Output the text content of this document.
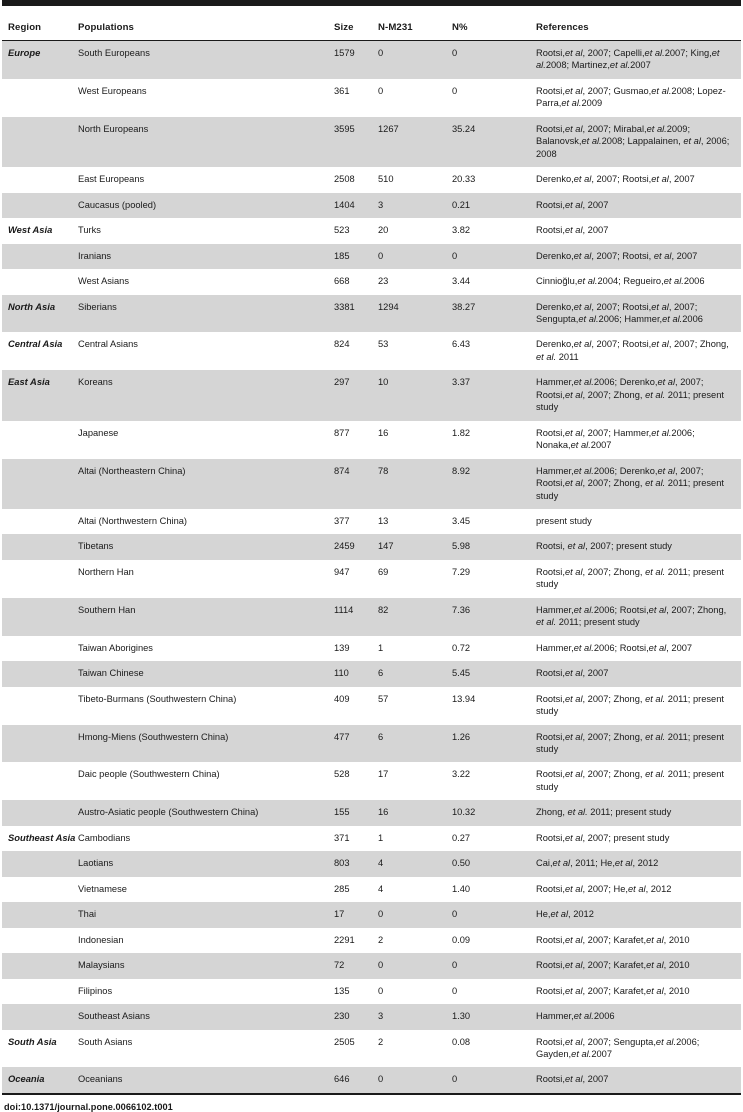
Region	Populations	Size	N-M231	N%	References
Europe	South Europeans	1579	0	0	Rootsi,et al, 2007; Capelli,et al.2007; King,et al.2008; Martinez,et al.2007
	West Europeans	361	0	0	Rootsi,et al, 2007; Gusmao,et al.2008; Lopez-Parra,et al.2009
	North Europeans	3595	1267	35.24	Rootsi,et al, 2007; Mirabal,et al.2009; Balanovsk,et al.2008; Lappalainen, et al, 2006; 2008
	East Europeans	2508	510	20.33	Derenko,et al, 2007; Rootsi,et al, 2007
	Caucasus (pooled)	1404	3	0.21	Rootsi,et al, 2007
West Asia	Turks	523	20	3.82	Rootsi,et al, 2007
	Iranians	185	0	0	Derenko,et al, 2007; Rootsi, et al, 2007
	West Asians	668	23	3.44	Cinnioğlu,et al.2004; Regueiro,et al.2006
North Asia	Siberians	3381	1294	38.27	Derenko,et al, 2007; Rootsi,et al, 2007; Sengupta,et al.2006; Hammer,et al.2006
Central Asia	Central Asians	824	53	6.43	Derenko,et al, 2007; Rootsi,et al, 2007; Zhong, et al. 2011
East Asia	Koreans	297	10	3.37	Hammer,et al.2006; Derenko,et al, 2007; Rootsi,et al, 2007; Zhong, et al. 2011; present study
	Japanese	877	16	1.82	Rootsi,et al, 2007; Hammer,et al.2006; Nonaka,et al.2007
	Altai (Northeastern China)	874	78	8.92	Hammer,et al.2006; Derenko,et al, 2007; Rootsi,et al, 2007; Zhong, et al. 2011; present study
	Altai (Northwestern China)	377	13	3.45	present study
	Tibetans	2459	147	5.98	Rootsi, et al, 2007; present study
	Northern Han	947	69	7.29	Rootsi,et al, 2007; Zhong, et al. 2011; present study
	Southern Han	1114	82	7.36	Hammer,et al.2006; Rootsi,et al, 2007; Zhong, et al. 2011; present study
	Taiwan Aborigines	139	1	0.72	Hammer,et al.2006; Rootsi,et al, 2007
	Taiwan Chinese	110	6	5.45	Rootsi,et al, 2007
	Tibeto-Burmans (Southwestern China)	409	57	13.94	Rootsi,et al, 2007; Zhong, et al. 2011; present study
	Hmong-Miens (Southwestern China)	477	6	1.26	Rootsi,et al, 2007; Zhong, et al. 2011; present study
	Daic people (Southwestern China)	528	17	3.22	Rootsi,et al, 2007; Zhong, et al. 2011; present study
	Austro-Asiatic people (Southwestern China)	155	16	10.32	Zhong, et al. 2011; present study
Southeast Asia	Cambodians	371	1	0.27	Rootsi,et al, 2007; present study
	Laotians	803	4	0.50	Cai,et al, 2011; He,et al, 2012
	Vietnamese	285	4	1.40	Rootsi,et al, 2007; He,et al, 2012
	Thai	17	0	0	He,et al, 2012
	Indonesian	2291	2	0.09	Rootsi,et al, 2007; Karafet,et al, 2010
	Malaysians	72	0	0	Rootsi,et al, 2007; Karafet,et al, 2010
	Filipinos	135	0	0	Rootsi,et al, 2007; Karafet,et al, 2010
	Southeast Asians	230	3	1.30	Hammer,et al.2006
South Asia	South Asians	2505	2	0.08	Rootsi,et al, 2007; Sengupta,et al.2006; Gayden,et al.2007
Oceania	Oceanians	646	0	0	Rootsi,et al, 2007
doi:10.1371/journal.pone.0066102.t001
